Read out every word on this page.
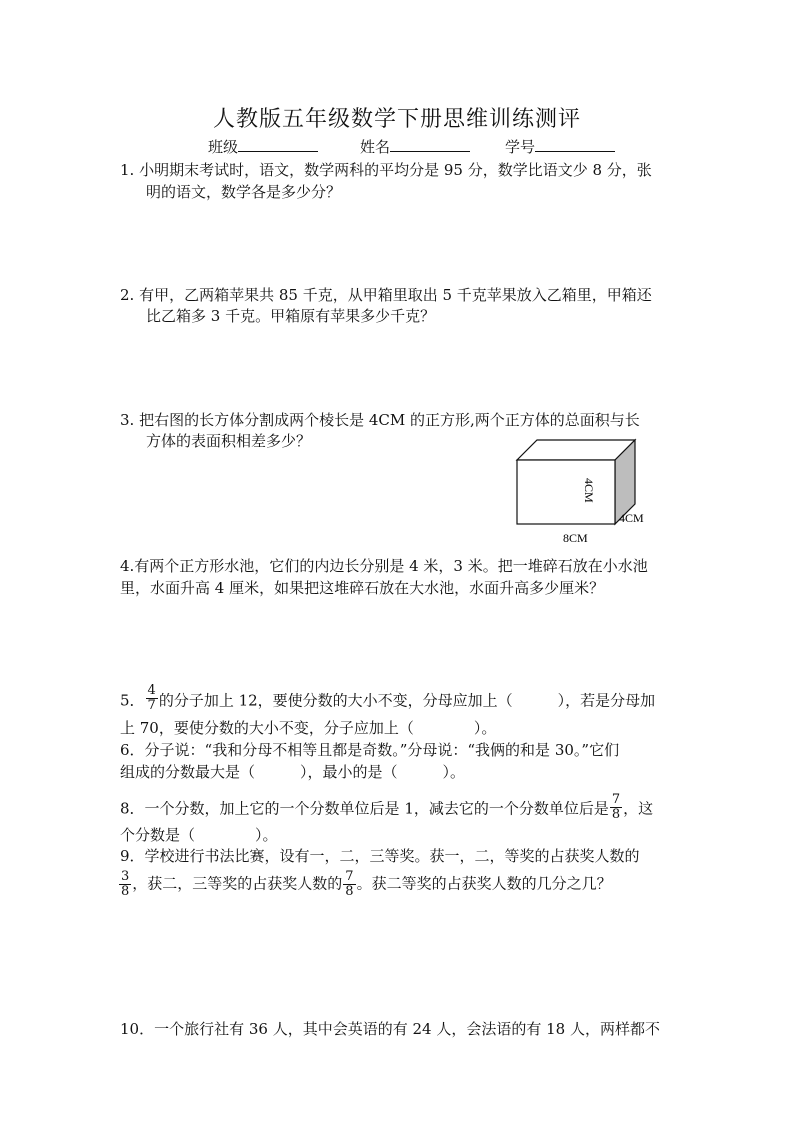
人教版五年级数学下册思维训练测评
班级	姓名	学号
1. 小明期末考试时，语文，数学两科的平均分是 95 分，数学比语文少 8 分，张
明的语文，数学各是多少分？
2. 有甲，乙两箱苹果共 85 千克，从甲箱里取出 5 千克苹果放入乙箱里，甲箱还
比乙箱多 3 千克。甲箱原有苹果多少千克？
3. 把右图的长方体分割成两个棱长是 4CM 的正方形,两个正方体的总面积与长
方体的表面积相差多少？
4CM
4CM
8CM
4.有两个正方形水池，它们的内边长分别是 4 米，3 米。把一堆碎石放在小水池
里，水面升高 4 厘米，如果把这堆碎石放在大水池，水面升高多少厘米？
5． $\frac{4}{7}$ 的分子加上 12，要使分数的大小不变，分母应加上（　　　），若是分母加
上 70，要使分数的大小不变，分子应加上（　　　　）。
6．分子说：“我和分母不相等且都是奇数。”分母说：“我俩的和是 30。”它们
组成的分数最大是（　　　），最小的是（　　　）。
8．一个分数，加上它的一个分数单位后是 1，减去它的一个分数单位后是 $\frac{7}{8}$ ，这
个分数是（　　　　）。
9．学校进行书法比赛，设有一，二，三等奖。获一，二，等奖的占获奖人数的
$\frac{3}{8}$ ，获二，三等奖的占获奖人数的 $\frac{7}{8}$ 。获二等奖的占获奖人数的几分之几？
10．一个旅行社有 36 人，其中会英语的有 24 人，会法语的有 18 人，两样都不
